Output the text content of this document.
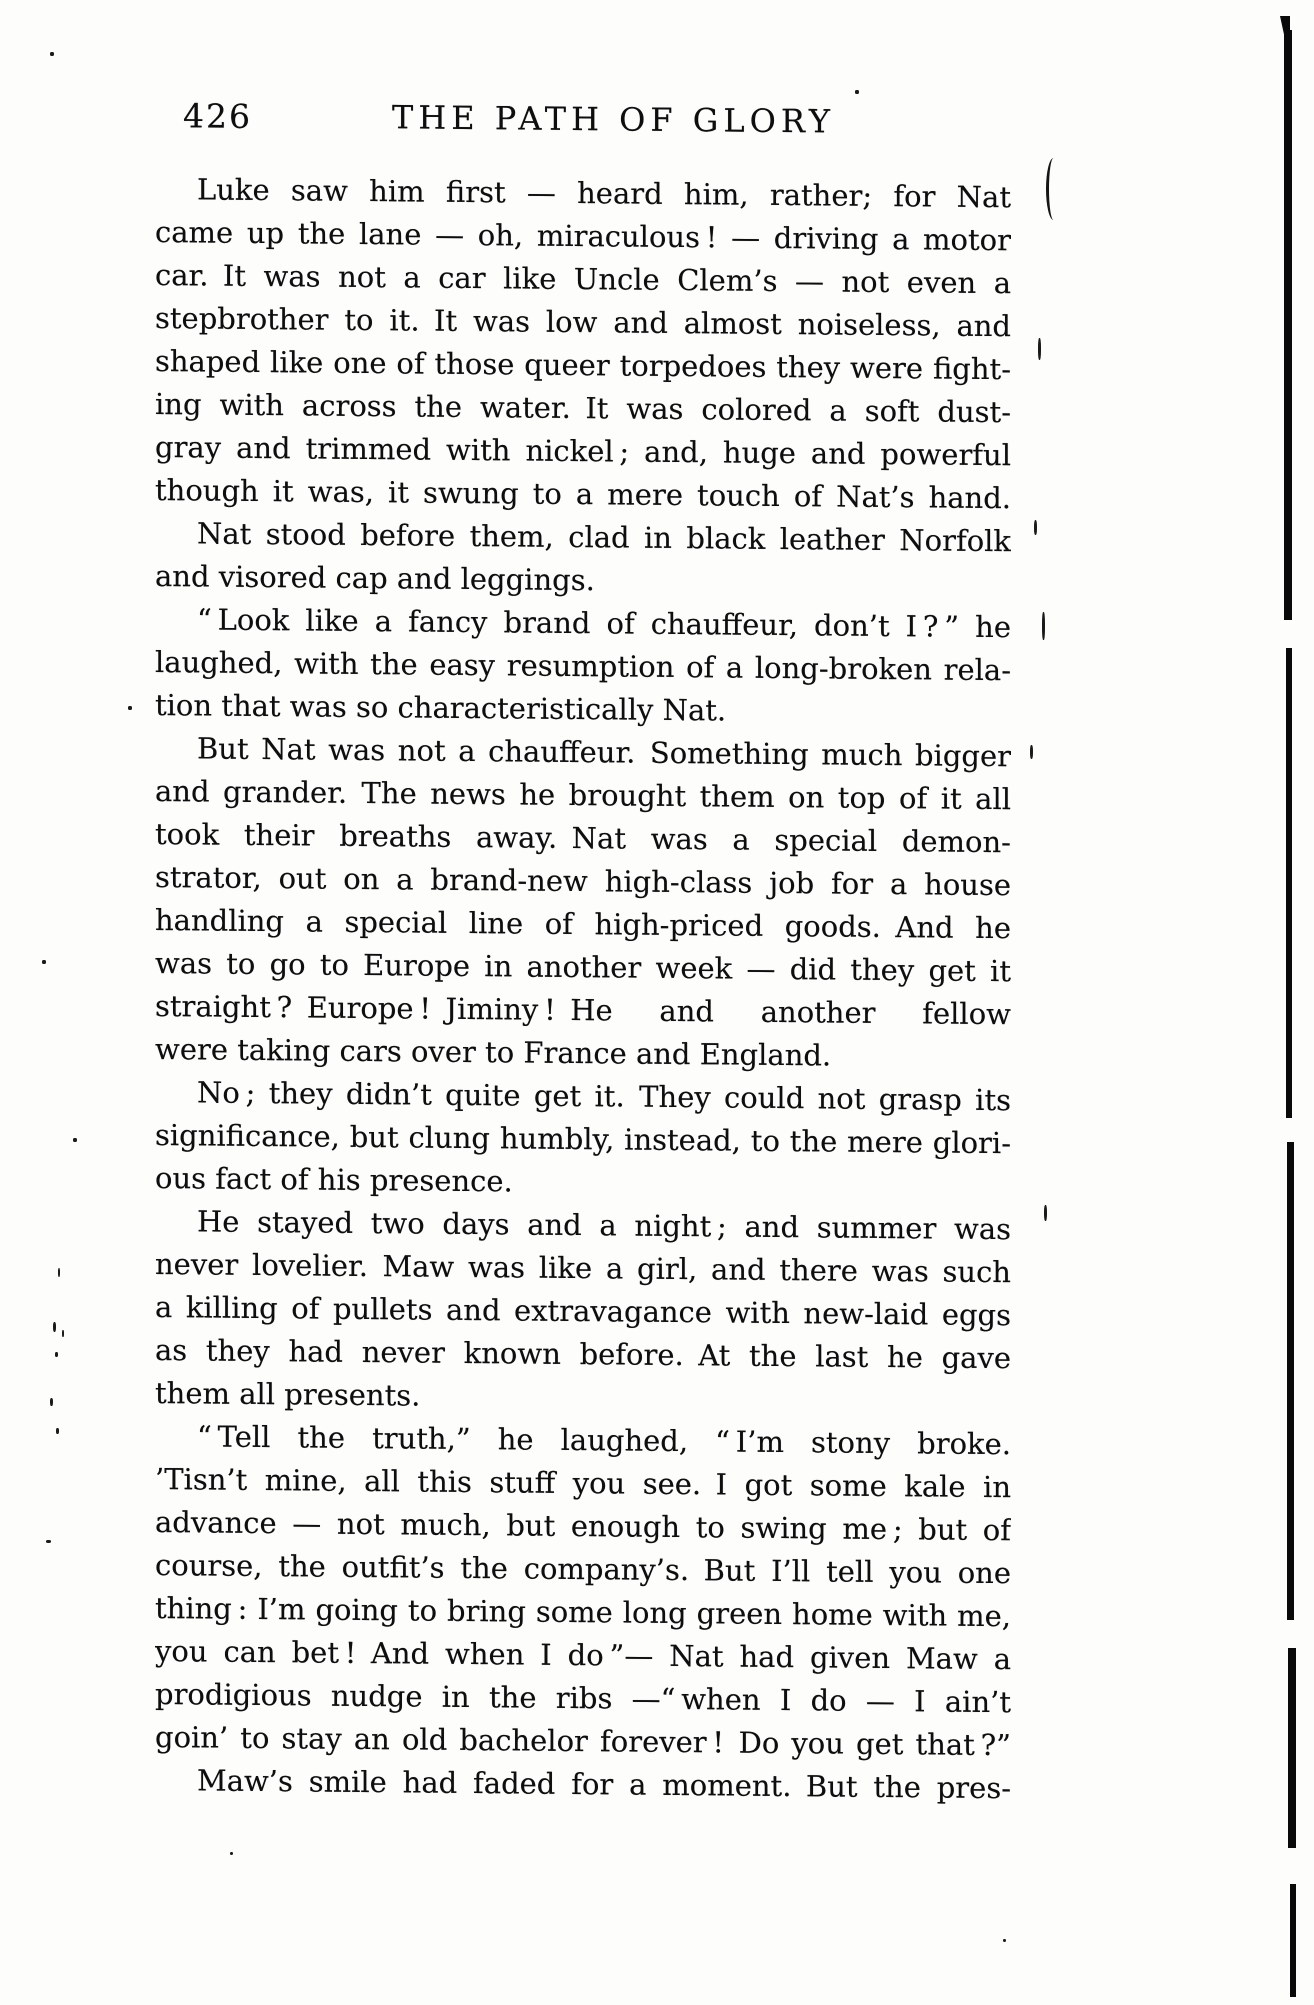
426	THE PATH OF GLORY
Luke saw him first — heard him, rather; for Nat
came up the lane — oh, miraculous ! — driving a motor
car. It was not a car like Uncle Clem’s — not even a
stepbrother to it. It was low and almost noiseless, and
shaped like one of those queer torpedoes they were fight-
ing with across the water. It was colored a soft dust-
gray and trimmed with nickel ; and, huge and powerful
though it was, it swung to a mere touch of Nat’s hand.
Nat stood before them, clad in black leather Norfolk
and visored cap and leggings.
“ Look like a fancy brand of chauffeur, don’t I ? ” he
laughed, with the easy resumption of a long-broken rela-
tion that was so characteristically Nat.
But Nat was not a chauffeur. Something much bigger
and grander. The news he brought them on top of it all
took their breaths away. Nat was a special demon-
strator, out on a brand-new high-class job for a house
handling a special line of high-priced goods. And he
was to go to Europe in another week — did they get it
straight ? Europe ! Jiminy ! He and another fellow
were taking cars over to France and England.
No ; they didn’t quite get it. They could not grasp its
significance, but clung humbly, instead, to the mere glori-
ous fact of his presence.
He stayed two days and a night ; and summer was
never lovelier. Maw was like a girl, and there was such
a killing of pullets and extravagance with new-laid eggs
as they had never known before. At the last he gave
them all presents.
“ Tell the truth,” he laughed, “ I’m stony broke.
’Tisn’t mine, all this stuff you see. I got some kale in
advance — not much, but enough to swing me ; but of
course, the outfit’s the company’s. But I’ll tell you one
thing : I’m going to bring some long green home with me,
you can bet ! And when I do ”— Nat had given Maw a
prodigious nudge in the ribs —“ when I do — I ain’t
goin’ to stay an old bachelor forever ! Do you get that ?”
Maw’s smile had faded for a moment. But the pres-
